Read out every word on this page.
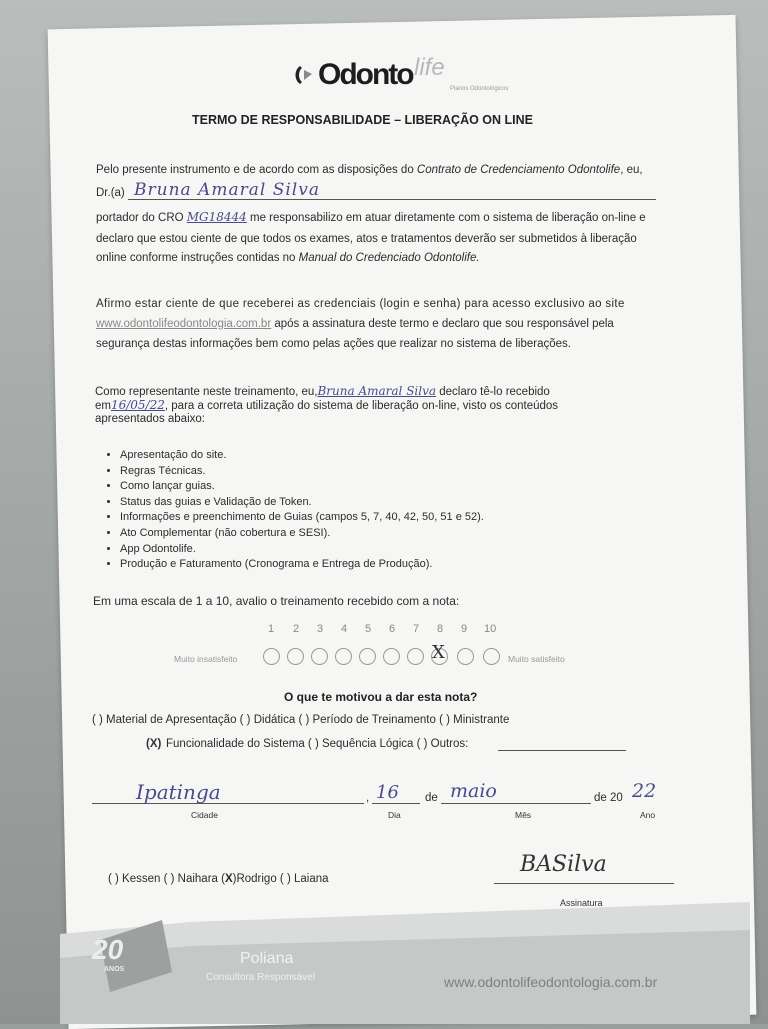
Odonto life
Planos Odontológicos
TERMO DE RESPONSABILIDADE – LIBERAÇÃO ON LINE
Pelo presente instrumento e de acordo com as disposições do Contrato de Credenciamento Odontolife, eu,
Dr.(a) Bruna Amaral Silva
portador do CRO MG18444 me responsabilizo em atuar diretamente com o sistema de liberação on-line e
declaro que estou ciente de que todos os exames, atos e tratamentos deverão ser submetidos à liberação
online conforme instruções contidas no Manual do Credenciado Odontolife.
Afirmo estar ciente de que receberei as credenciais (login e senha) para acesso exclusivo ao site
www.odontolifeodontologia.com.br após a assinatura deste termo e declaro que sou responsável pela
segurança destas informações bem como pelas ações que realizar no sistema de liberações.
Como representante neste treinamento, eu,Bruna Amaral Silva declaro tê-lo recebido
em16/05/22, para a correta utilização do sistema de liberação on-line, visto os conteúdos
apresentados abaixo:
• Apresentação do site.
• Regras Técnicas.
• Como lançar guias.
• Status das guias e Validação de Token.
• Informações e preenchimento de Guias (campos 5, 7, 40, 42, 50, 51 e 52).
• Ato Complementar (não cobertura e SESI).
• App Odontolife.
• Produção e Faturamento (Cronograma e Entrega de Produção).
Em uma escala de 1 a 10, avalio o treinamento recebido com a nota:
1 2 3 4 5 6 7 8 9 10
Muito insatisfeito	X	Muito satisfeito
O que te motivou a dar esta nota?
( ) Material de Apresentação ( ) Didática ( ) Período de Treinamento ( ) Ministrante
(X) Funcionalidade do Sistema ( ) Sequência Lógica ( ) Outros:
Ipatinga	, 16 de maio	de 20 22
Cidade	Dia	Mês	Ano
( ) Kessen ( ) Naihara (X)Rodrigo ( ) Laiana
BASilva
Assinatura
20
ANOS
Poliana
Consultora Responsável	www.odontolifeodontologia.com.br
